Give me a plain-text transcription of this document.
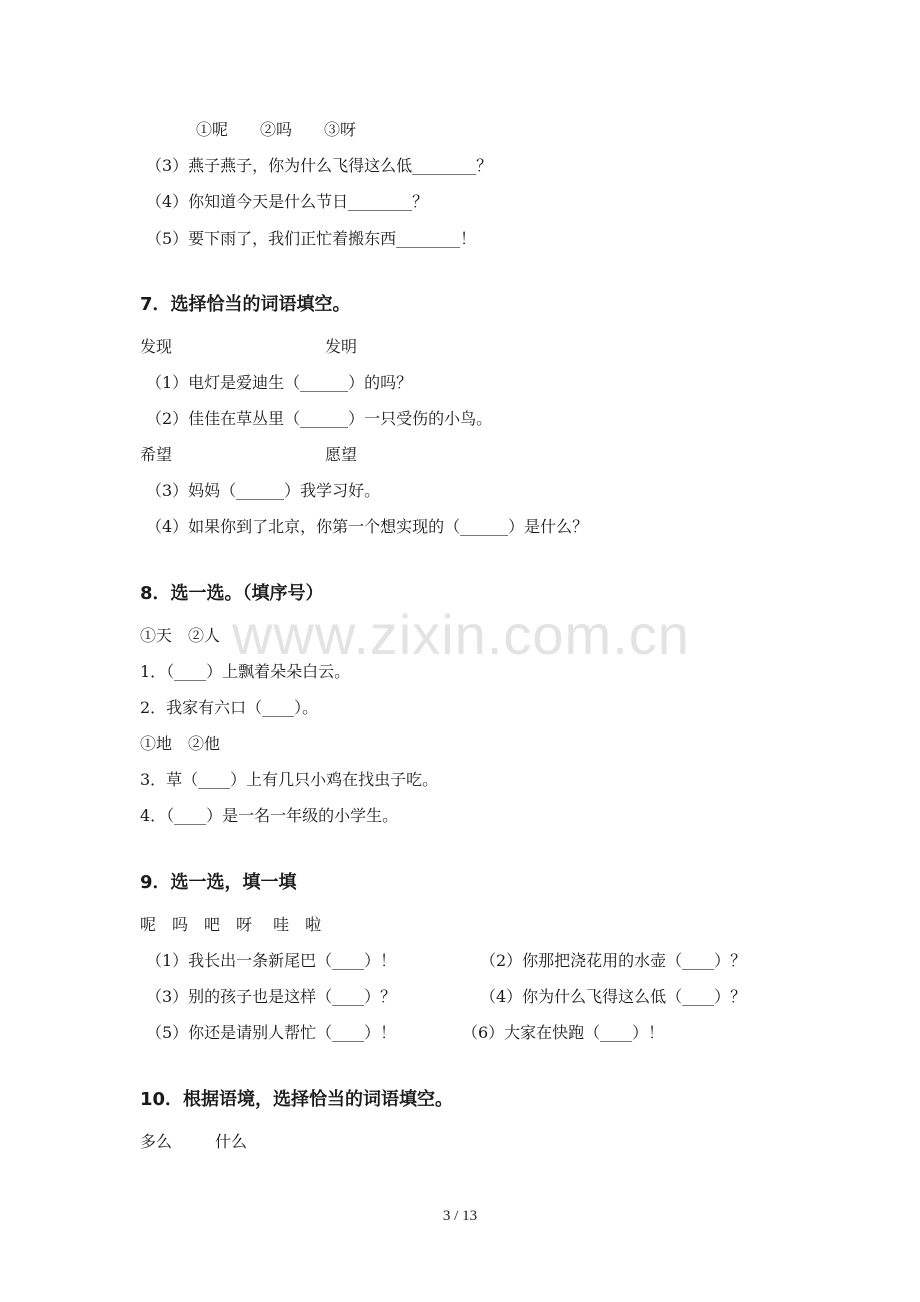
www.zixin.com.cn
①呢　　②吗　　③呀
（3）燕子燕子，你为什么飞得这么低________？
（4）你知道今天是什么节日________？
（5）要下雨了，我们正忙着搬东西________！
7．选择恰当的词语填空。
发现	发明
（1）电灯是爱迪生（______）的吗？
（2）佳佳在草丛里（______）一只受伤的小鸟。
希望	愿望
（3）妈妈（______）我学习好。
（4）如果你到了北京，你第一个想实现的（______）是什么？
8．选一选。（填序号）
①天　②人
1．（____）上飘着朵朵白云。
2．我家有六口（____）。
①地　②他
3．草（____）上有几只小鸡在找虫子吃。
4．（____）是一名一年级的小学生。
9．选一选，填一填
呢　吗　吧　呀　 哇　啦
（1）我长出一条新尾巴（____）！	（2）你那把浇花用的水壶（____）？
（3）别的孩子也是这样（____）？	（4）你为什么飞得这么低（____）？
（5）你还是请别人帮忙（____）！	（6）大家在快跑（____）！
10．根据语境，选择恰当的词语填空。
多么	什么
3 / 13
